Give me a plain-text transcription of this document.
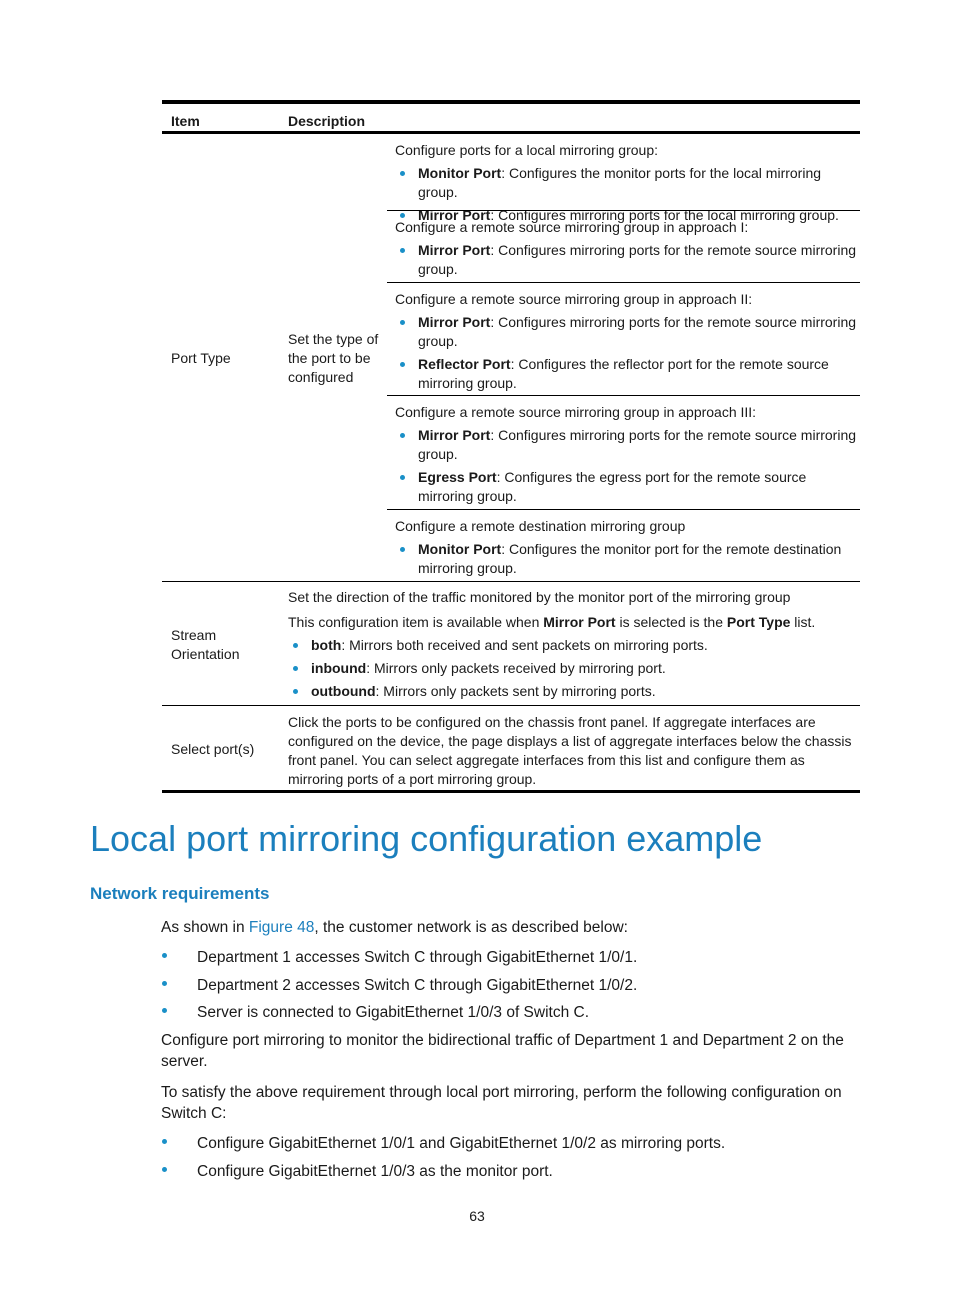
Item	Description
Port Type
Set the type of the port to be configured
Configure ports for a local mirroring group:
Monitor Port: Configures the monitor ports for the local mirroring group.
Mirror Port: Configures mirroring ports for the local mirroring group.
Configure a remote source mirroring group in approach I:
Mirror Port: Configures mirroring ports for the remote source mirroring group.
Configure a remote source mirroring group in approach II:
Mirror Port: Configures mirroring ports for the remote source mirroring group.
Reflector Port: Configures the reflector port for the remote source mirroring group.
Configure a remote source mirroring group in approach III:
Mirror Port: Configures mirroring ports for the remote source mirroring group.
Egress Port: Configures the egress port for the remote source mirroring group.
Configure a remote destination mirroring group
Monitor Port: Configures the monitor port for the remote destination mirroring group.
Stream Orientation
Set the direction of the traffic monitored by the monitor port of the mirroring group
This configuration item is available when Mirror Port is selected is the Port Type list.
both: Mirrors both received and sent packets on mirroring ports.
inbound: Mirrors only packets received by mirroring port.
outbound: Mirrors only packets sent by mirroring ports.
Select port(s)
Click the ports to be configured on the chassis front panel. If aggregate interfaces are configured on the device, the page displays a list of aggregate interfaces below the chassis front panel. You can select aggregate interfaces from this list and configure them as mirroring ports of a port mirroring group.
Local port mirroring configuration example
Network requirements

As shown in Figure 48, the customer network is as described below:

Department 1 accesses Switch C through GigabitEthernet 1/0/1.
Department 2 accesses Switch C through GigabitEthernet 1/0/2.
Server is connected to GigabitEthernet 1/0/3 of Switch C.

Configure port mirroring to monitor the bidirectional traffic of Department 1 and Department 2 on the server.

To satisfy the above requirement through local port mirroring, perform the following configuration on Switch C:

Configure GigabitEthernet 1/0/1 and GigabitEthernet 1/0/2 as mirroring ports.
Configure GigabitEthernet 1/0/3 as the monitor port.
63
